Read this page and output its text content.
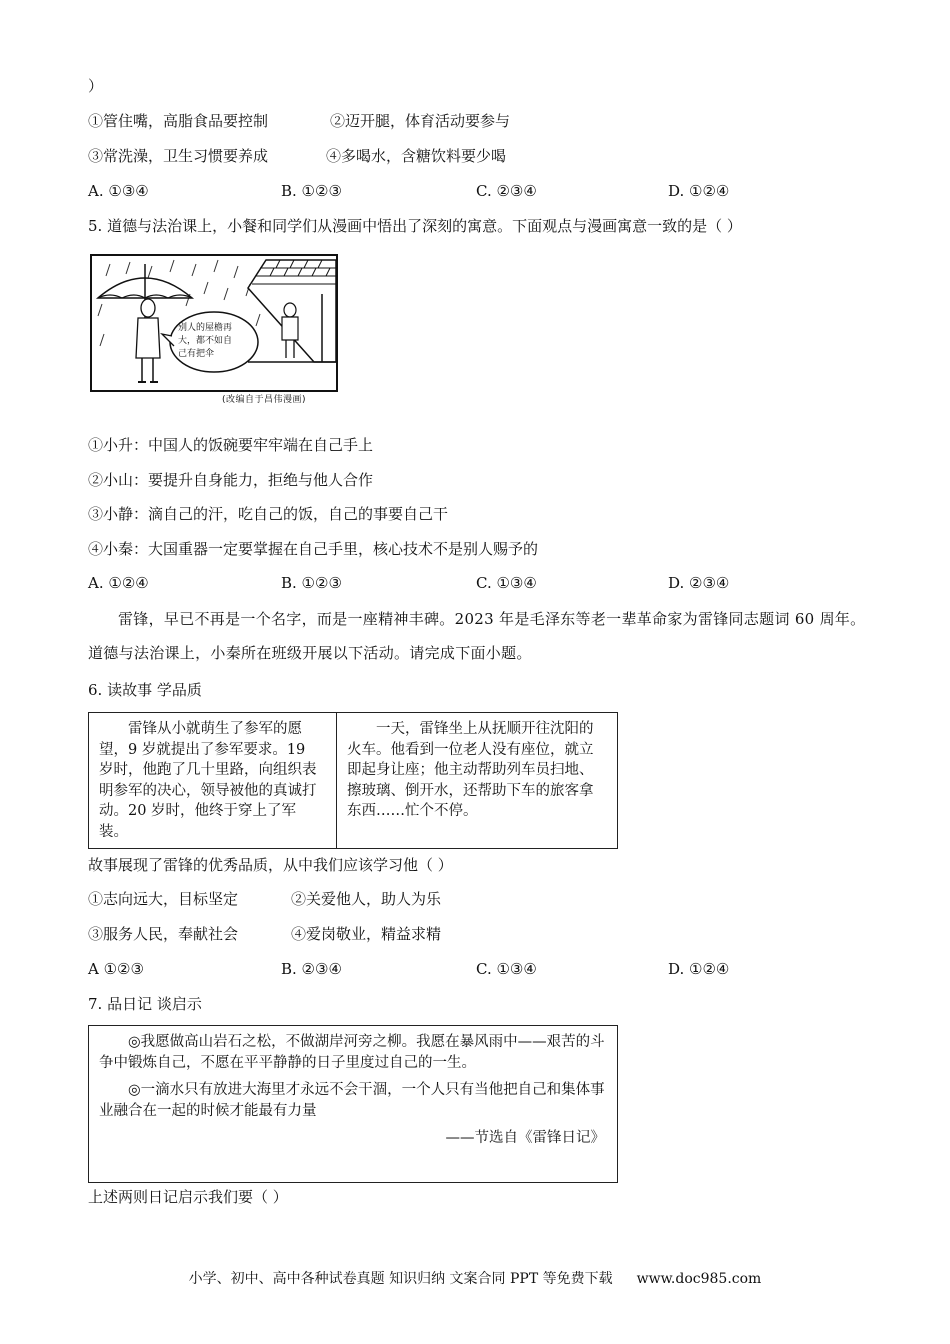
）
①管住嘴，高脂食品要控制	②迈开腿，体育活动要参与
③常洗澡，卫生习惯要养成	④多喝水，含糖饮料要少喝
A. ①③④	B. ①②③	C. ②③④	D. ①②④
5. 道德与法治课上，小餐和同学们从漫画中悟出了深刻的寓意。下面观点与漫画寓意一致的是（ ）
别人的屋檐再
大，都不如自
己有把伞
(改编自于昌伟漫画)
①小升：中国人的饭碗要牢牢端在自己手上
②小山：要提升自身能力，拒绝与他人合作
③小静：滴自己的汗，吃自己的饭，自己的事要自己干
④小秦：大国重器一定要掌握在自己手里，核心技术不是别人赐予的
A. ①②④	B. ①②③	C. ①③④	D. ②③④
雷锋，早已不再是一个名字，而是一座精神丰碑。2023 年是毛泽东等老一辈革命家为雷锋同志题词 60 周年。道德与法治课上，小秦所在班级开展以下活动。请完成下面小题。
6. 读故事 学品质
雷锋从小就萌生了参军的愿望，9 岁就提出了参军要求。19 岁时，他跑了几十里路，向组织表明参军的决心，领导被他的真诚打动。20 岁时，他终于穿上了军装。
一天，雷锋坐上从抚顺开往沈阳的火车。他看到一位老人没有座位，就立即起身让座；他主动帮助列车员扫地、擦玻璃、倒开水，还帮助下车的旅客拿东西……忙个不停。
故事展现了雷锋的优秀品质，从中我们应该学习他（ ）
①志向远大，目标坚定	②关爱他人，助人为乐
③服务人民，奉献社会	④爱岗敬业，精益求精
A ①②③	B. ②③④	C. ①③④	D. ①②④
7. 品日记 谈启示

◎我愿做高山岩石之松，不做湖岸河旁之柳。我愿在暴风雨中——艰苦的斗争中锻炼自己，不愿在平平静静的日子里度过自己的一生。

◎一滴水只有放进大海里才永远不会干涸，一个人只有当他把自己和集体事业融合在一起的时候才能最有力量

——节选自《雷锋日记》

上述两则日记启示我们要（ ）
小学、初中、高中各种试卷真题 知识归纳 文案合同 PPT 等免费下载 www.doc985.com
